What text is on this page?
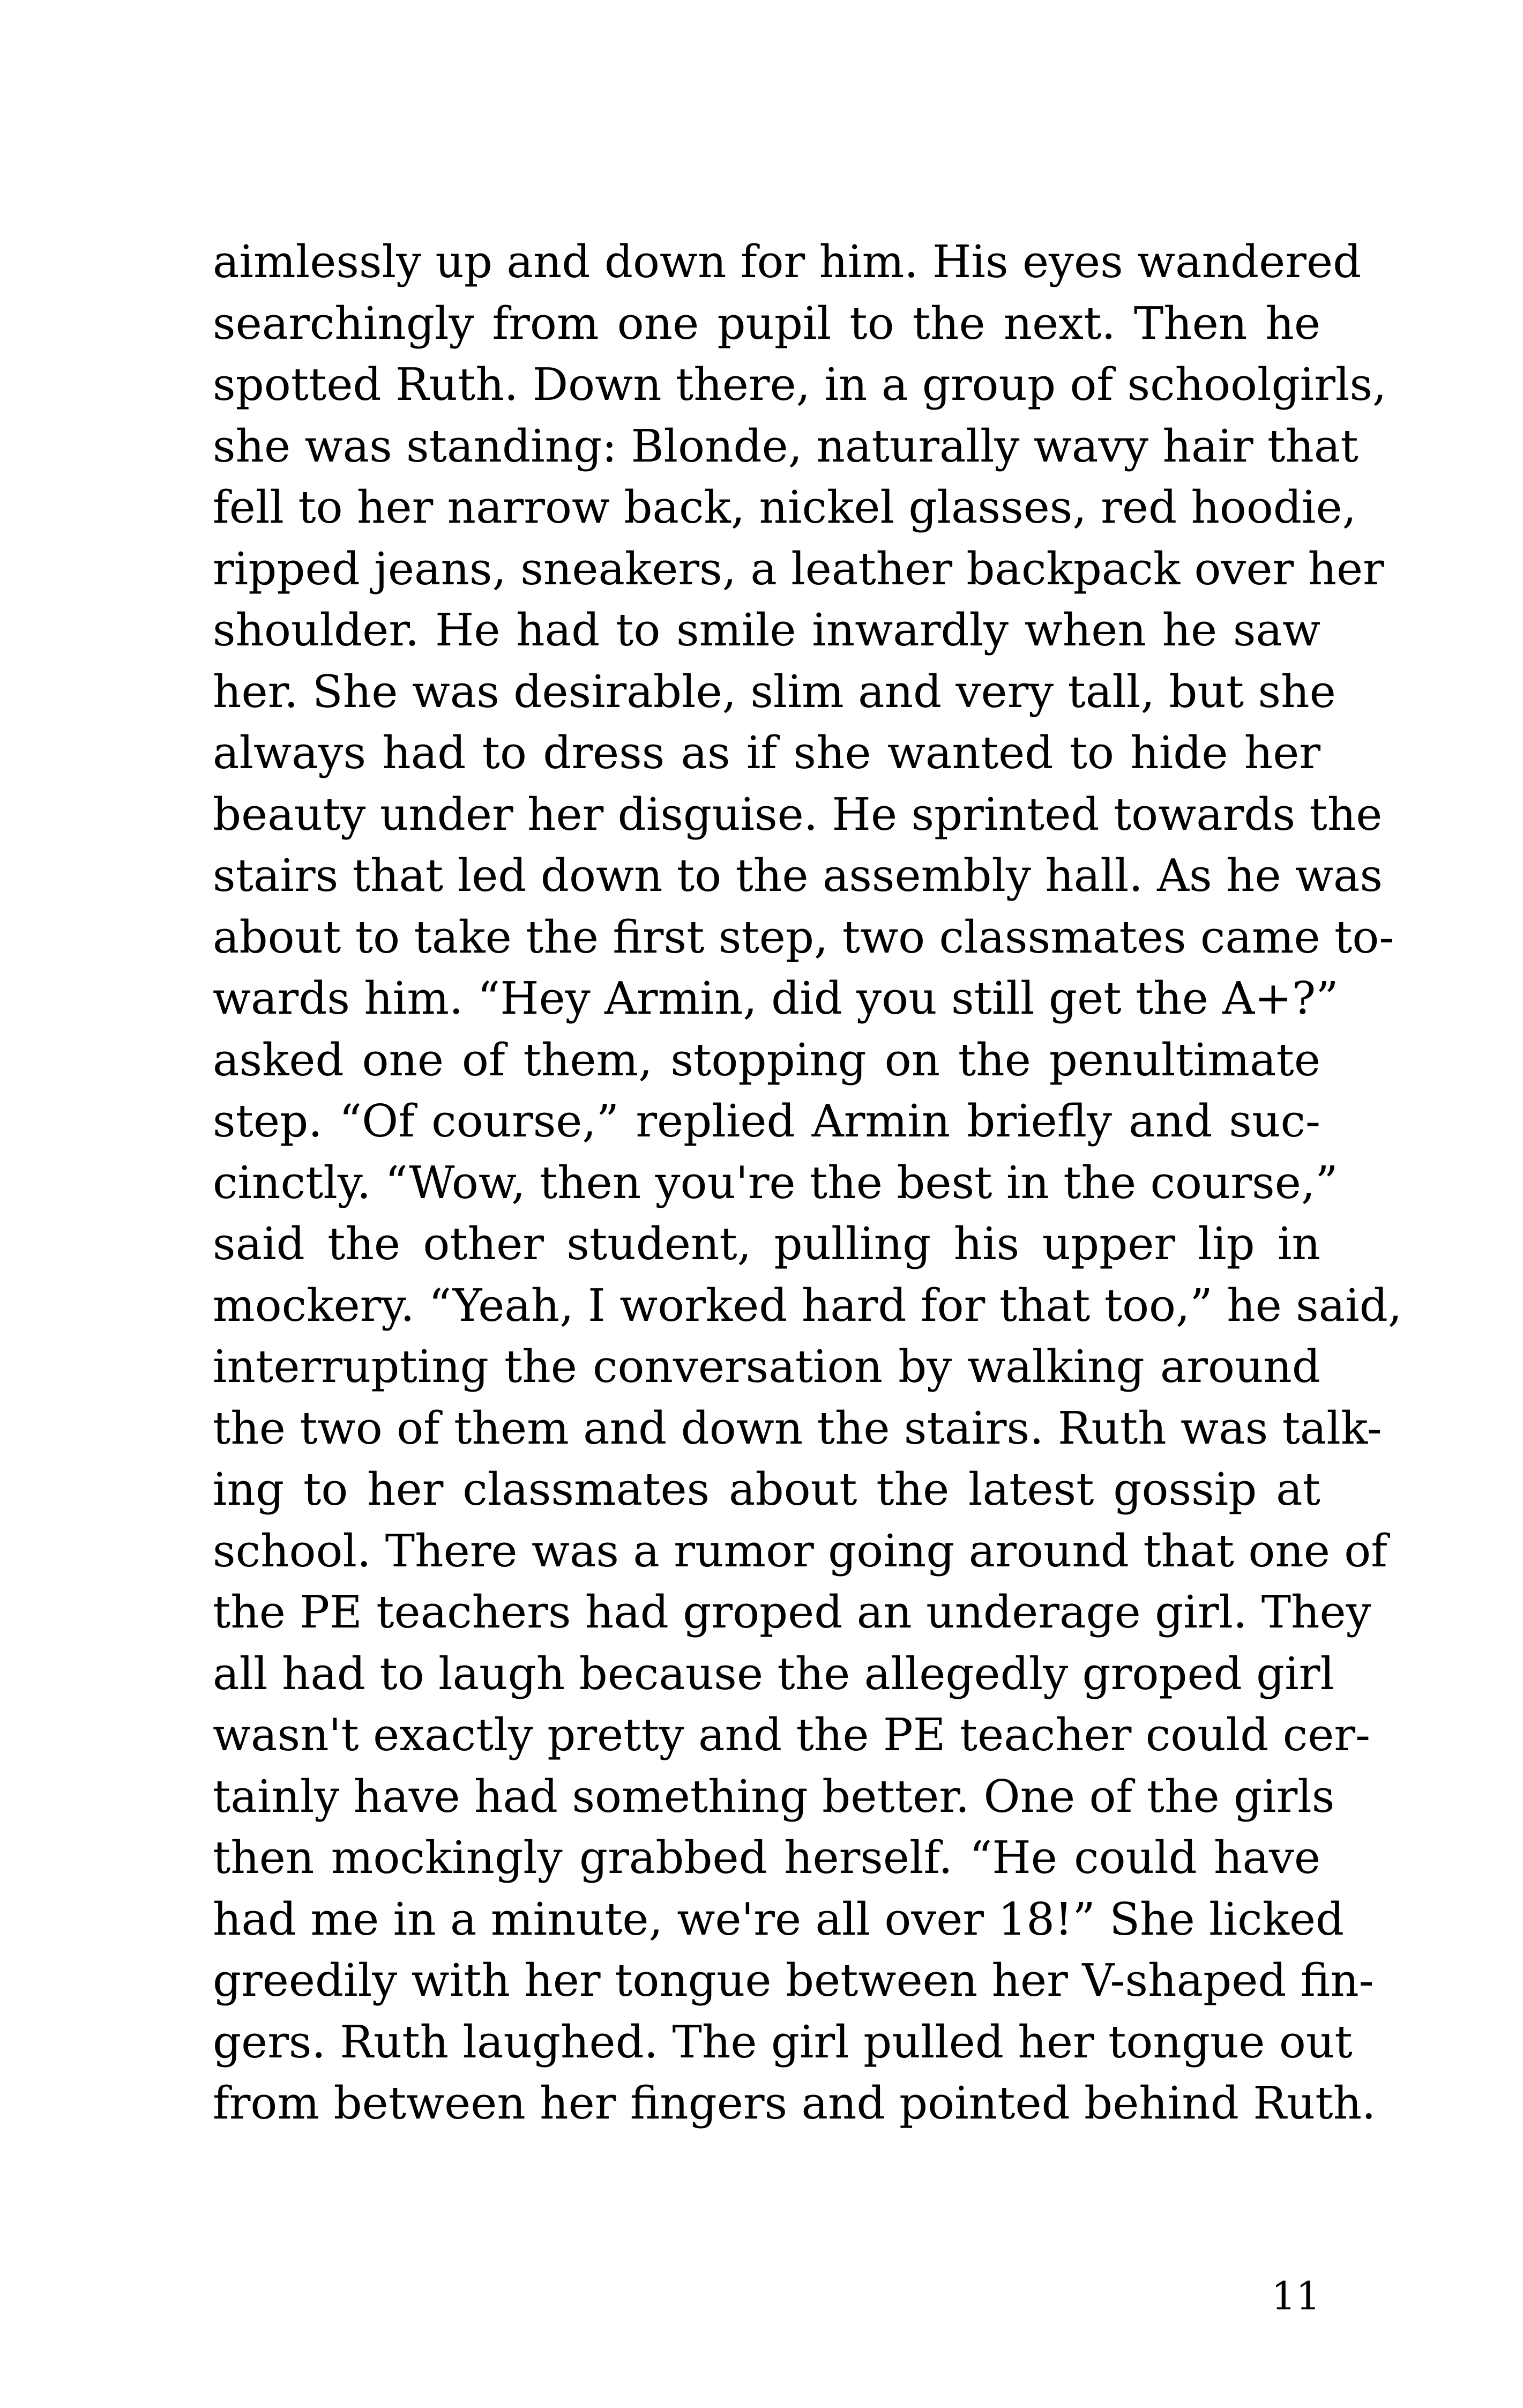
aimlessly up and down for him. His eyes wandered
searchingly from one pupil to the next. Then he
spotted Ruth. Down there, in a group of schoolgirls,
she was standing: Blonde, naturally wavy hair that
fell to her narrow back, nickel glasses, red hoodie,
ripped jeans, sneakers, a leather backpack over her
shoulder. He had to smile inwardly when he saw
her. She was desirable, slim and very tall, but she
always had to dress as if she wanted to hide her
beauty under her disguise. He sprinted towards the
stairs that led down to the assembly hall. As he was
about to take the first step, two classmates came to-
wards him. “Hey Armin, did you still get the A+?”
asked one of them, stopping on the penultimate
step. “Of course,” replied Armin briefly and suc-
cinctly. “Wow, then you're the best in the course,”
said the other student, pulling his upper lip in
mockery. “Yeah, I worked hard for that too,” he said,
interrupting the conversation by walking around
the two of them and down the stairs. Ruth was talk-
ing to her classmates about the latest gossip at
school. There was a rumor going around that one of
the PE teachers had groped an underage girl. They
all had to laugh because the allegedly groped girl
wasn't exactly pretty and the PE teacher could cer-
tainly have had something better. One of the girls
then mockingly grabbed herself. “He could have
had me in a minute, we're all over 18!” She licked
greedily with her tongue between her V-shaped fin-
gers. Ruth laughed. The girl pulled her tongue out
from between her fingers and pointed behind Ruth.
11
